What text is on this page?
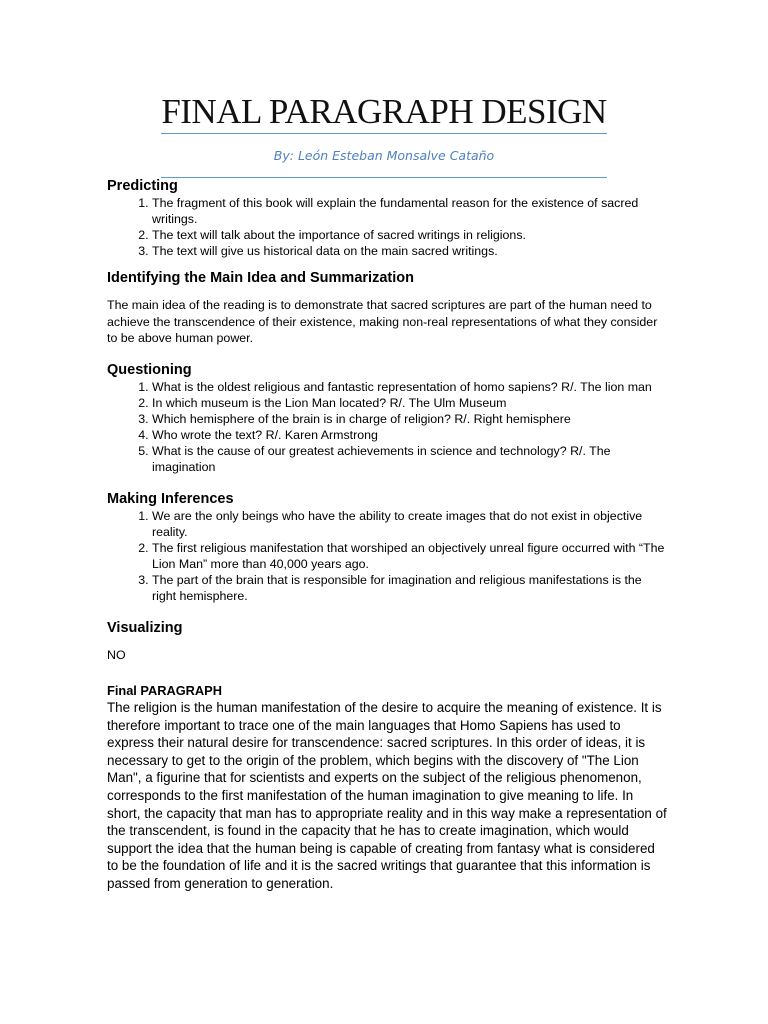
FINAL PARAGRAPH DESIGN
By: León Esteban Monsalve Cataño
Predicting
1. The fragment of this book will explain the fundamental reason for the existence of sacred writings.
2. The text will talk about the importance of sacred writings in religions.
3. The text will give us historical data on the main sacred writings.
Identifying the Main Idea and Summarization

The main idea of the reading is to demonstrate that sacred scriptures are part of the human need to achieve the transcendence of their existence, making non-real representations of what they consider to be above human power.

Questioning
1. What is the oldest religious and fantastic representation of homo sapiens? R/. The lion man
2. In which museum is the Lion Man located? R/. The Ulm Museum
3. Which hemisphere of the brain is in charge of religion? R/. Right hemisphere
4. Who wrote the text? R/. Karen Armstrong
5. What is the cause of our greatest achievements in science and technology? R/. The imagination
Making Inferences
1. We are the only beings who have the ability to create images that do not exist in objective reality.
2. The first religious manifestation that worshiped an objectively unreal figure occurred with “The Lion Man” more than 40,000 years ago.
3. The part of the brain that is responsible for imagination and religious manifestations is the right hemisphere.
Visualizing

NO

Final PARAGRAPH

The religion is the human manifestation of the desire to acquire the meaning of existence. It is therefore important to trace one of the main languages that Homo Sapiens has used to express their natural desire for transcendence: sacred scriptures. In this order of ideas, it is necessary to get to the origin of the problem, which begins with the discovery of "The Lion Man", a figurine that for scientists and experts on the subject of the religious phenomenon, corresponds to the first manifestation of the human imagination to give meaning to life. In short, the capacity that man has to appropriate reality and in this way make a representation of the transcendent, is found in the capacity that he has to create imagination, which would support the idea that the human being is capable of creating from fantasy what is considered to be the foundation of life and it is the sacred writings that guarantee that this information is passed from generation to generation.
